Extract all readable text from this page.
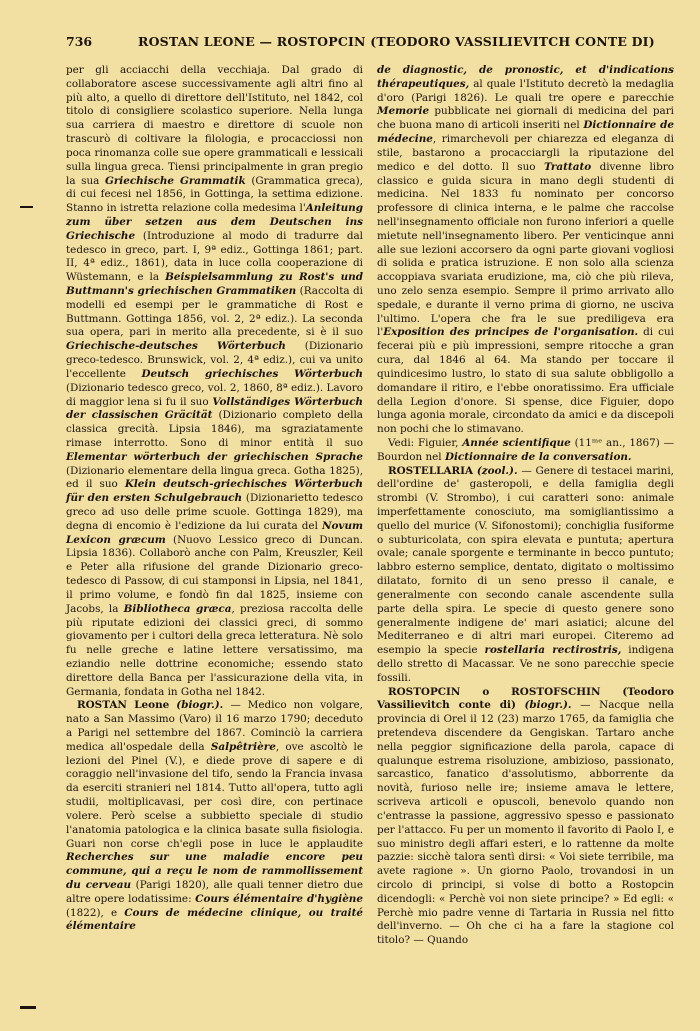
736	ROSTAN LEONE — ROSTOPCIN (TEODORO VASSILIEVITCH CONTE DI)

per gli acciacchi della vecchiaja. Dal grado di collaboratore ascese successivamente agli altri fino al più alto, a quello di direttore dell'Istituto, nel 1842, col titolo di consigliere scolastico superiore. Nella lunga sua carriera di maestro e direttore di scuole non trascurò di coltivare la filologia, e procacciossi non poca rinomanza colle sue opere grammaticali e lessicali sulla lingua greca. Tiensi principalmente in gran pregio la sua Griechische Grammatik (Grammatica greca), di cui fecesi nel 1856, in Gottinga, la settima edizione. Stanno in istretta relazione colla medesima l'Anleitung zum über setzen aus dem Deutschen ins Griechische (Introduzione al modo di tradurre dal tedesco in greco, part. I, 9ª ediz., Gottinga 1861; part. II, 4ª ediz., 1861), data in luce colla cooperazione di Wüstemann, e la Beispielsammlung zu Rost's und Buttmann's griechischen Grammatiken (Raccolta di modelli ed esempi per le grammatiche di Rost e Buttmann. Gottinga 1856, vol. 2, 2ª ediz.). La seconda sua opera, pari in merito alla precedente, si è il suo Griechische-deutsches Wörterbuch (Dizionario greco-tedesco. Brunswick, vol. 2, 4ª ediz.), cui va unito l'eccellente Deutsch griechisches Wörterbuch (Dizionario tedesco greco, vol. 2, 1860, 8ª ediz.). Lavoro di maggior lena si fu il suo Vollständiges Wörterbuch der classischen Gräcität (Dizionario completo della classica grecità. Lipsia 1846), ma sgraziatamente rimase interrotto. Sono di minor entità il suo Elementar wörterbuch der griechischen Sprache (Dizionario elementare della lingua greca. Gotha 1825), ed il suo Klein deutsch-griechisches Wörterbuch für den ersten Schulgebrauch (Dizionarietto tedesco greco ad uso delle prime scuole. Gottinga 1829), ma degna di encomio è l'edizione da lui curata del Novum Lexicon græcum (Nuovo Lessico greco di Duncan. Lipsia 1836). Collaborò anche con Palm, Kreuszler, Keil e Peter alla rifusione del grande Dizionario greco-tedesco di Passow, di cui stamponsi in Lipsia, nel 1841, il primo volume, e fondò fin dal 1825, insieme con Jacobs, la Bibliotheca græca, preziosa raccolta delle più riputate edizioni dei classici greci, di sommo giovamento per i cultori della greca letteratura. Nè solo fu nelle greche e latine lettere versatissimo, ma eziandio nelle dottrine economiche; essendo stato direttore della Banca per l'assicurazione della vita, in Germania, fondata in Gotha nel 1842.

ROSTAN Leone (biogr.). — Medico non volgare, nato a San Massimo (Varo) il 16 marzo 1790; deceduto a Parigi nel settembre del 1867. Cominciò la carriera medica all'ospedale della Salpêtrière, ove ascoltò le lezioni del Pinel (V.), e diede prove di sapere e di coraggio nell'invasione del tifo, sendo la Francia invasa da eserciti stranieri nel 1814. Tutto all'opera, tutto agli studii, moltiplicavasi, per così dire, con pertinace volere. Però scelse a subbietto speciale di studio l'anatomia patologica e la clinica basate sulla fisiologia. Guari non corse ch'egli pose in luce le applaudite Recherches sur une maladie encore peu commune, qui a reçu le nom de rammollissement du cerveau (Parigi 1820), alle quali tenner dietro due altre opere lodatissime: Cours élémentaire d'hygiène (1822), e Cours de médecine clinique, ou traité élémentaire

de diagnostic, de pronostic, et d'indications thérapeutiques, al quale l'Istituto decretò la medaglia d'oro (Parigi 1826). Le quali tre opere e parecchie Memorie pubblicate nei giornali di medicina del pari che buona mano di articoli inseriti nel Dictionnaire de médecine, rimarchevoli per chiarezza ed eleganza di stile, bastarono a procacciargli la riputazione del medico e del dotto. Il suo Trattato divenne libro classico e guida sicura in mano degli studenti di medicina. Nel 1833 fu nominato per concorso professore di clinica interna, e le palme che raccolse nell'insegnamento officiale non furono inferiori a quelle mietute nell'insegnamento libero. Per venticinque anni alle sue lezioni accorsero da ogni parte giovani vogliosi di solida e pratica istruzione. E non solo alla scienza accoppiava svariata erudizione, ma, ciò che più rileva, uno zelo senza esempio. Sempre il primo arrivato allo spedale, e durante il verno prima di giorno, ne usciva l'ultimo. L'opera che fra le sue prediligeva era l'Exposition des principes de l'organisation. di cui fecerai più e più impressioni, sempre ritocche a gran cura, dal 1846 al 64. Ma stando per toccare il quindicesimo lustro, lo stato di sua salute obbligollo a domandare il ritiro, e l'ebbe onoratissimo. Era ufficiale della Legion d'onore. Si spense, dice Figuier, dopo lunga agonia morale, circondato da amici e da discepoli non pochi che lo stimavano.

Vedi: Figuier, Année scientifique (11ᵐᵉ an., 1867) — Bourdon nel Dictionnaire de la conversation.

ROSTELLARIA (zool.). — Genere di testacei marini, dell'ordine de' gasteropoli, e della famiglia degli strombi (V. Strombo), i cui caratteri sono: animale imperfettamente conosciuto, ma somigliantissimo a quello del murice (V. Sifonostomi); conchiglia fusiforme o subturicolata, con spira elevata e puntuta; apertura ovale; canale sporgente e terminante in becco puntuto; labbro esterno semplice, dentato, digitato o moltissimo dilatato, fornito di un seno presso il canale, e generalmente con secondo canale ascendente sulla parte della spira. Le specie di questo genere sono generalmente indigene de' mari asiatici; alcune del Mediterraneo e di altri mari europei. Citeremo ad esempio la specie rostellaria rectirostris, indigena dello stretto di Macassar. Ve ne sono parecchie specie fossili.

ROSTOPCIN o ROSTOFSCHIN (Teodoro Vassilievitch conte di) (biogr.). — Nacque nella provincia di Orel il 12 (23) marzo 1765, da famiglia che pretendeva discendere da Gengiskan. Tartaro anche nella peggior significazione della parola, capace di qualunque estrema risoluzione, ambizioso, passionato, sarcastico, fanatico d'assolutismo, abborrente da novità, furioso nelle ire; insieme amava le lettere, scriveva articoli e opuscoli, benevolo quando non c'entrasse la passione, aggressivo spesso e passionato per l'attacco. Fu per un momento il favorito di Paolo I, e suo ministro degli affari esteri, e lo rattenne da molte pazzie: sicchè talora sentì dirsi: « Voi siete terribile, ma avete ragione ». Un giorno Paolo, trovandosi in un circolo di principi, si volse di botto a Rostopcin dicendogli: « Perchè voi non siete principe? » Ed egli: « Perchè mio padre venne di Tartaria in Russia nel fitto dell'inverno. — Oh che ci ha a fare la stagione col titolo? — Quando
